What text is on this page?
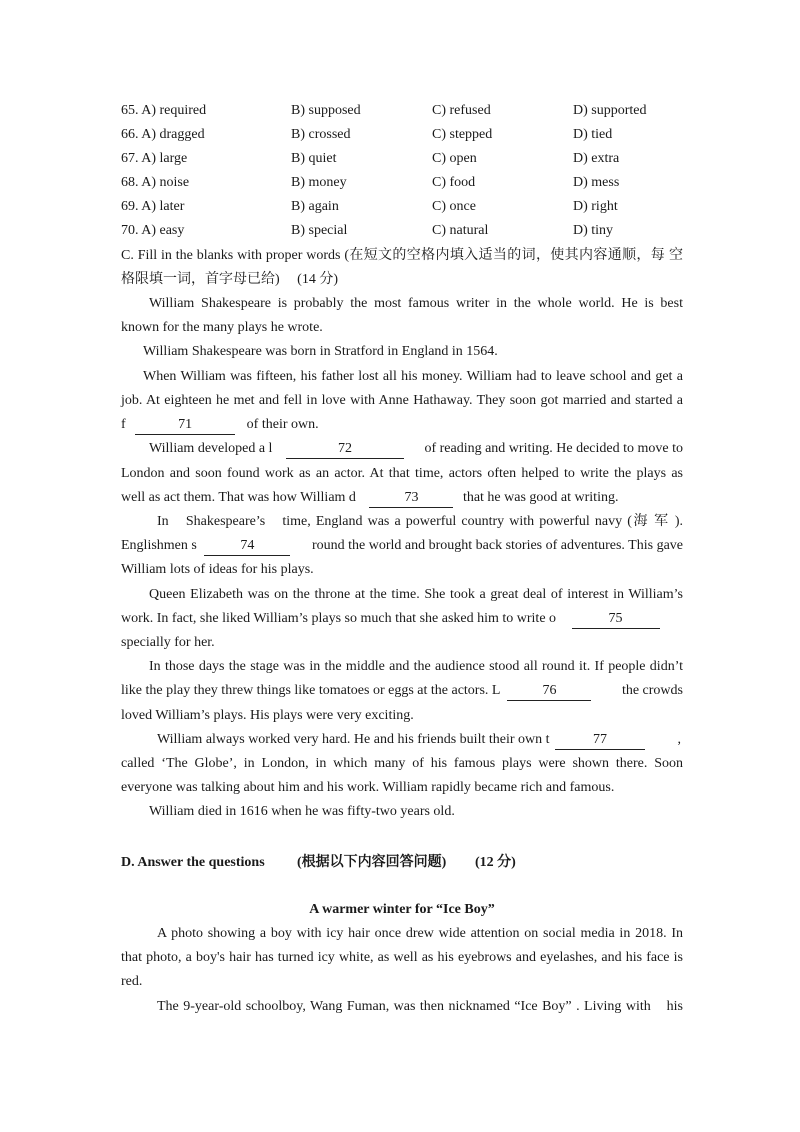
65. A) required	B) supposed	C) refused	D) supported
66. A) dragged	B) crossed	C) stepped	D) tied
67. A) large	B) quiet	C) open	D) extra
68. A) noise	B) money	C) food	D) mess
69. A) later	B) again	C) once	D) right
70. A) easy	B) special	C) natural	D) tiny
C. Fill in the blanks with proper words (在短文的空格内填入适当的词，使其内容通顺，每 空
格限填一词，首字母已给)　 (14 分)
William Shakespeare is probably the most famous writer in the whole world. He is best
known for the many plays he wrote.
William Shakespeare was born in Stratford in England in 1564.
When William was fifteen, his father lost all his money. William had to leave school and get a
job. At eighteen he met and fell in love with Anne Hathaway. They soon got married and started a
f	71	of their own.
William developed a l	72	of reading and writing. He decided to move to
London and soon found work as an actor. At that time, actors often helped to write the plays as
well as act them. That was how William d	73	that he was good at writing.
In　Shakespeare’s　time, England was a powerful country with powerful navy (海 军 ).
Englishmen s	74	round the world and brought back stories of adventures. This gave
William lots of ideas for his plays.
Queen Elizabeth was on the throne at the time. She took a great deal of interest in William’s
work. In fact, she liked William’s plays so much that she asked him to write o	75
specially for her.
In those days the stage was in the middle and the audience stood all round it. If people didn’t
like the play they threw things like tomatoes or eggs at the actors. L	76	the crowds
loved William’s plays. His plays were very exciting.
William always worked very hard. He and his friends built their own t	77	,
called ‘The Globe’, in London, in which many of his famous plays were shown there. Soon
everyone was talking about him and his work. William rapidly became rich and famous.
William died in 1616 when he was fifty-two years old.
D. Answer the questions (根据以下内容回答问题) (12 分)
A warmer winter for “Ice Boy”
A photo showing a boy with icy hair once drew wide attention on social media in 2018. In
that photo, a boy's hair has turned icy white, as well as his eyebrows and eyelashes, and his face is
red.
The 9-year-old schoolboy, Wang Fuman, was then nicknamed “Ice Boy” . Living with　his
